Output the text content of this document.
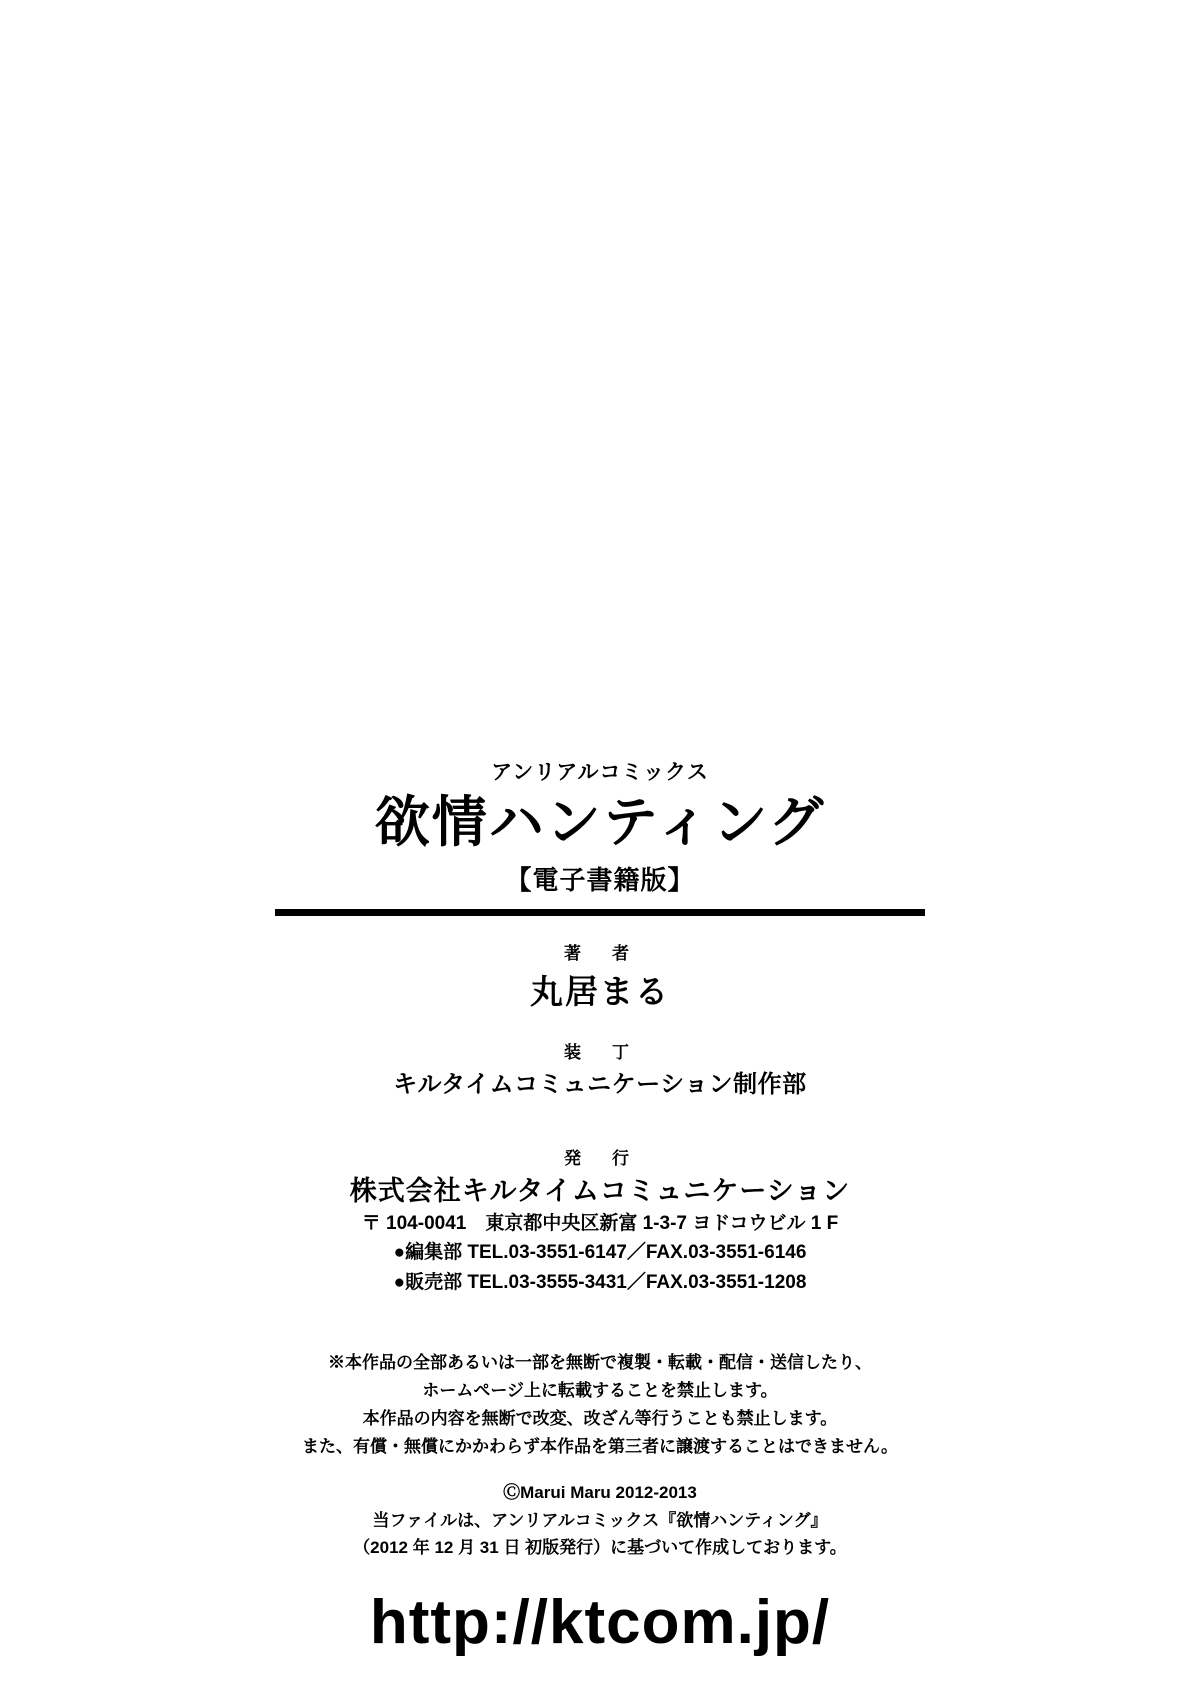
アンリアルコミックス
欲情ハンティング
【電子書籍版】
著　者
丸居まる
装　丁
キルタイムコミュニケーション制作部
発　行
株式会社キルタイムコミュニケーション
〒 104-0041　東京都中央区新富 1-3-7 ヨドコウビル 1 F
●編集部 TEL.03-3551-6147／FAX.03-3551-6146
●販売部 TEL.03-3555-3431／FAX.03-3551-1208
※本作品の全部あるいは一部を無断で複製・転載・配信・送信したり、
ホームページ上に転載することを禁止します。
本作品の内容を無断で改変、改ざん等行うことも禁止します。
また、有償・無償にかかわらず本作品を第三者に譲渡することはできません。
ⒸMarui Maru 2012-2013
当ファイルは、アンリアルコミックス『欲情ハンティング』
（2012 年 12 月 31 日 初版発行）に基づいて作成しております。
http://ktcom.jp/
